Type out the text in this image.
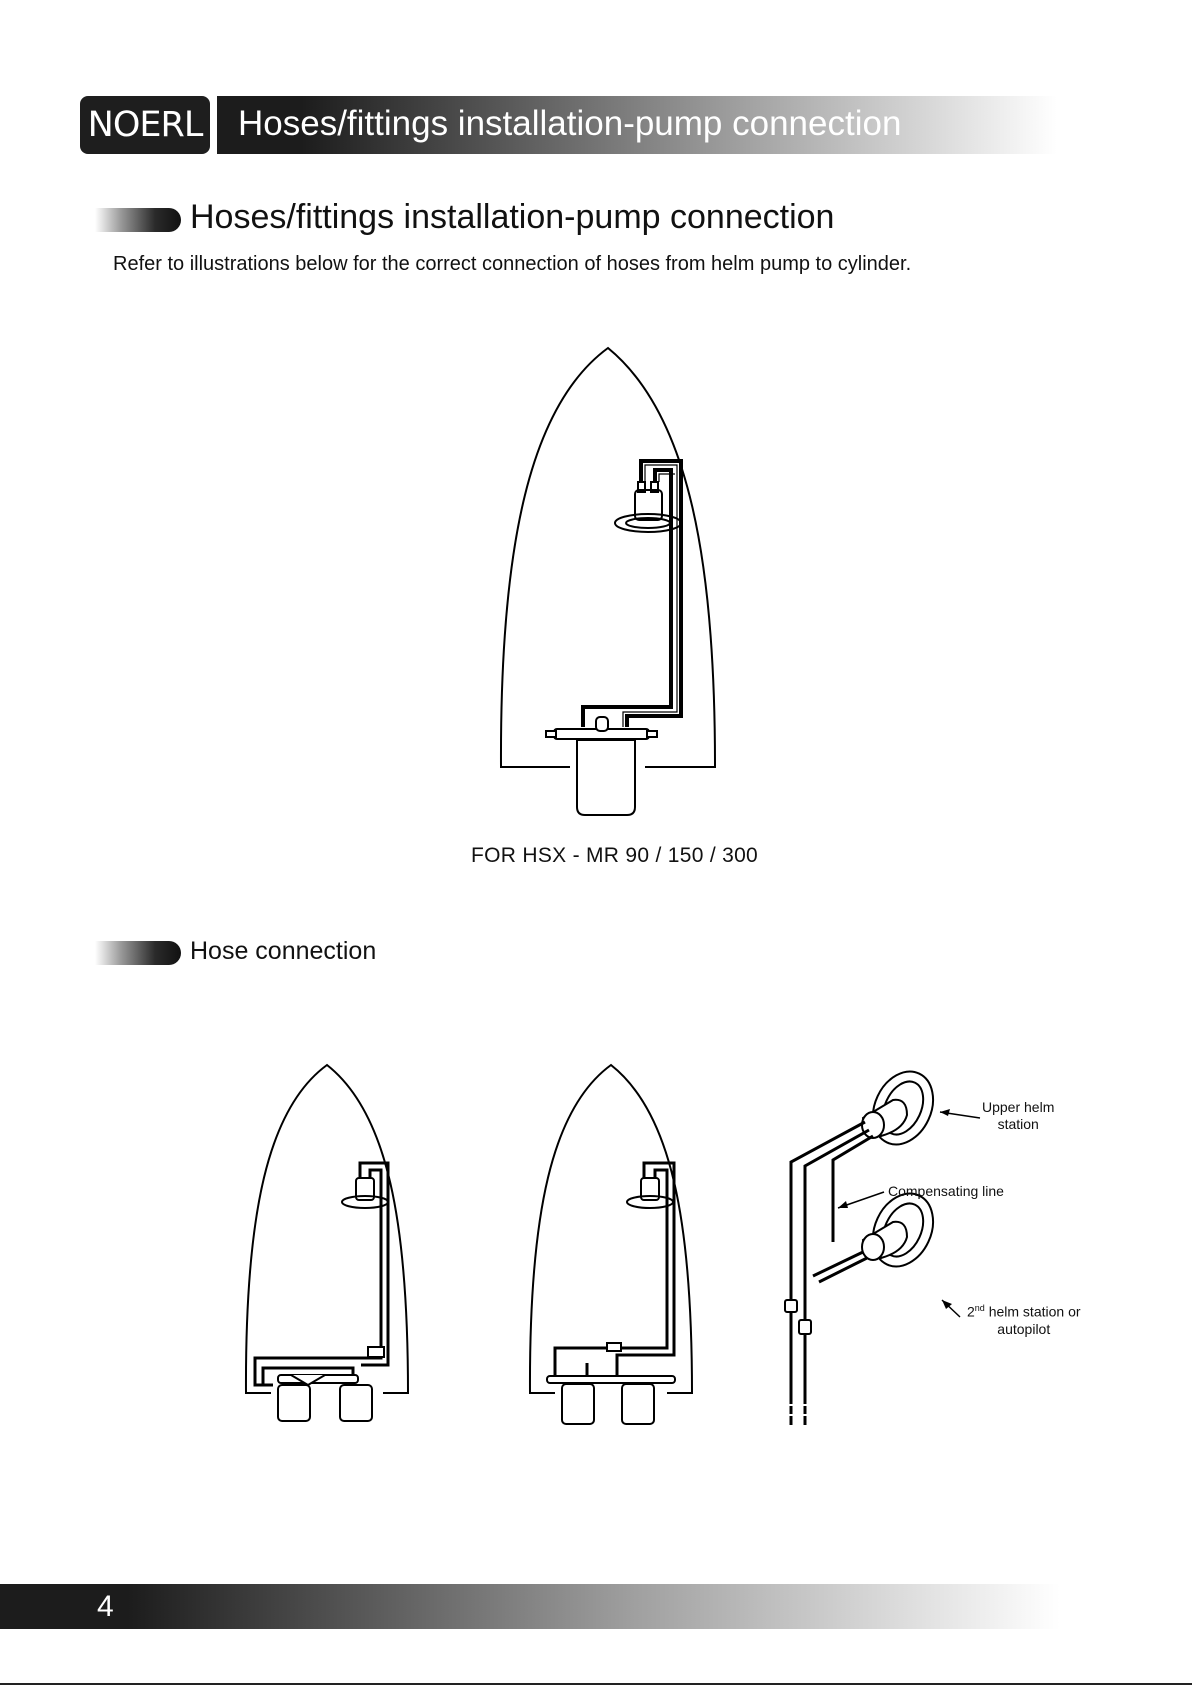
NOERL Hoses/fittings installation-pump connection
Hoses/fittings installation-pump connection
Refer to illustrations below for the correct connection of hoses from helm pump to cylinder.
FOR HSX - MR 90 / 150 / 300
Hose connection
Upper helm
station
Compensating line
2nd helm station or
autopilot
4
